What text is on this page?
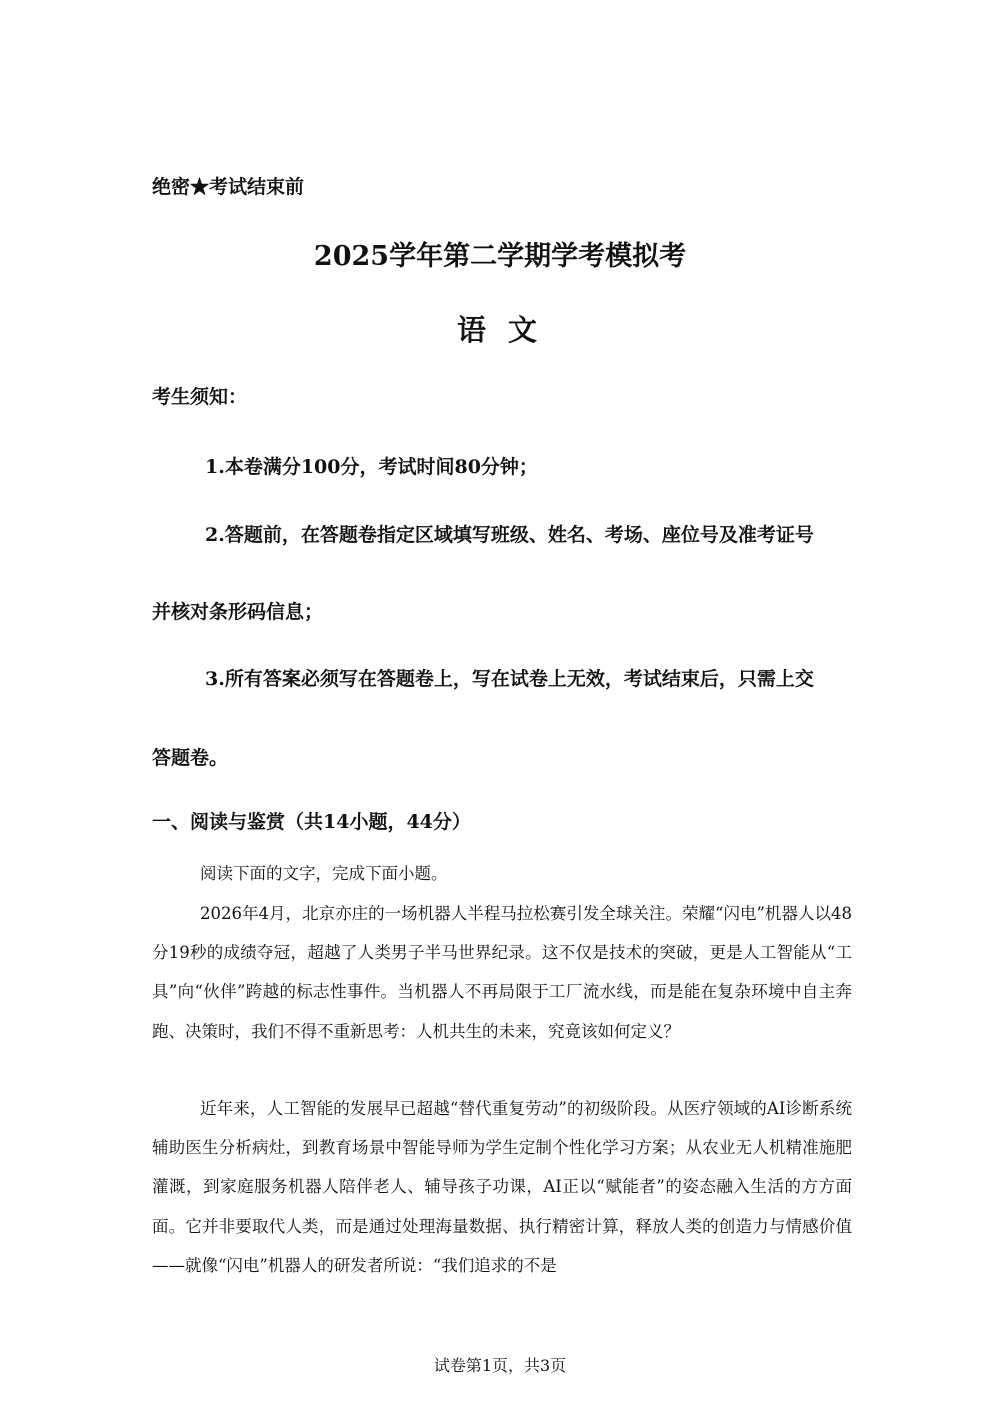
绝密★考试结束前
2025学年第二学期学考模拟考
语 文
考生须知：
1.本卷满分100分，考试时间80分钟；
2.答题前，在答题卷指定区域填写班级、姓名、考场、座位号及准考证号
并核对条形码信息；
3.所有答案必须写在答题卷上，写在试卷上无效，考试结束后，只需上交
答题卷。
一、阅读与鉴赏（共14小题，44分）
阅读下面的文字，完成下面小题。
2026年4月，北京亦庄的一场机器人半程马拉松赛引发全球关注。荣耀“闪电”机器人以48分19秒的成绩夺冠，超越了人类男子半马世界纪录。这不仅是技术的突破，更是人工智能从“工具”向“伙伴”跨越的标志性事件。当机器人不再局限于工厂流水线，而是能在复杂环境中自主奔跑、决策时，我们不得不重新思考：人机共生的未来，究竟该如何定义？
近年来，人工智能的发展早已超越“替代重复劳动”的初级阶段。从医疗领域的AI诊断系统辅助医生分析病灶，到教育场景中智能导师为学生定制个性化学习方案；从农业无人机精准施肥灌溉，到家庭服务机器人陪伴老人、辅导孩子功课，AI正以“赋能者”的姿态融入生活的方方面面。它并非要取代人类，而是通过处理海量数据、执行精密计算，释放人类的创造力与情感价值——就像“闪电”机器人的研发者所说：“我们追求的不是
试卷第1页，共3页
